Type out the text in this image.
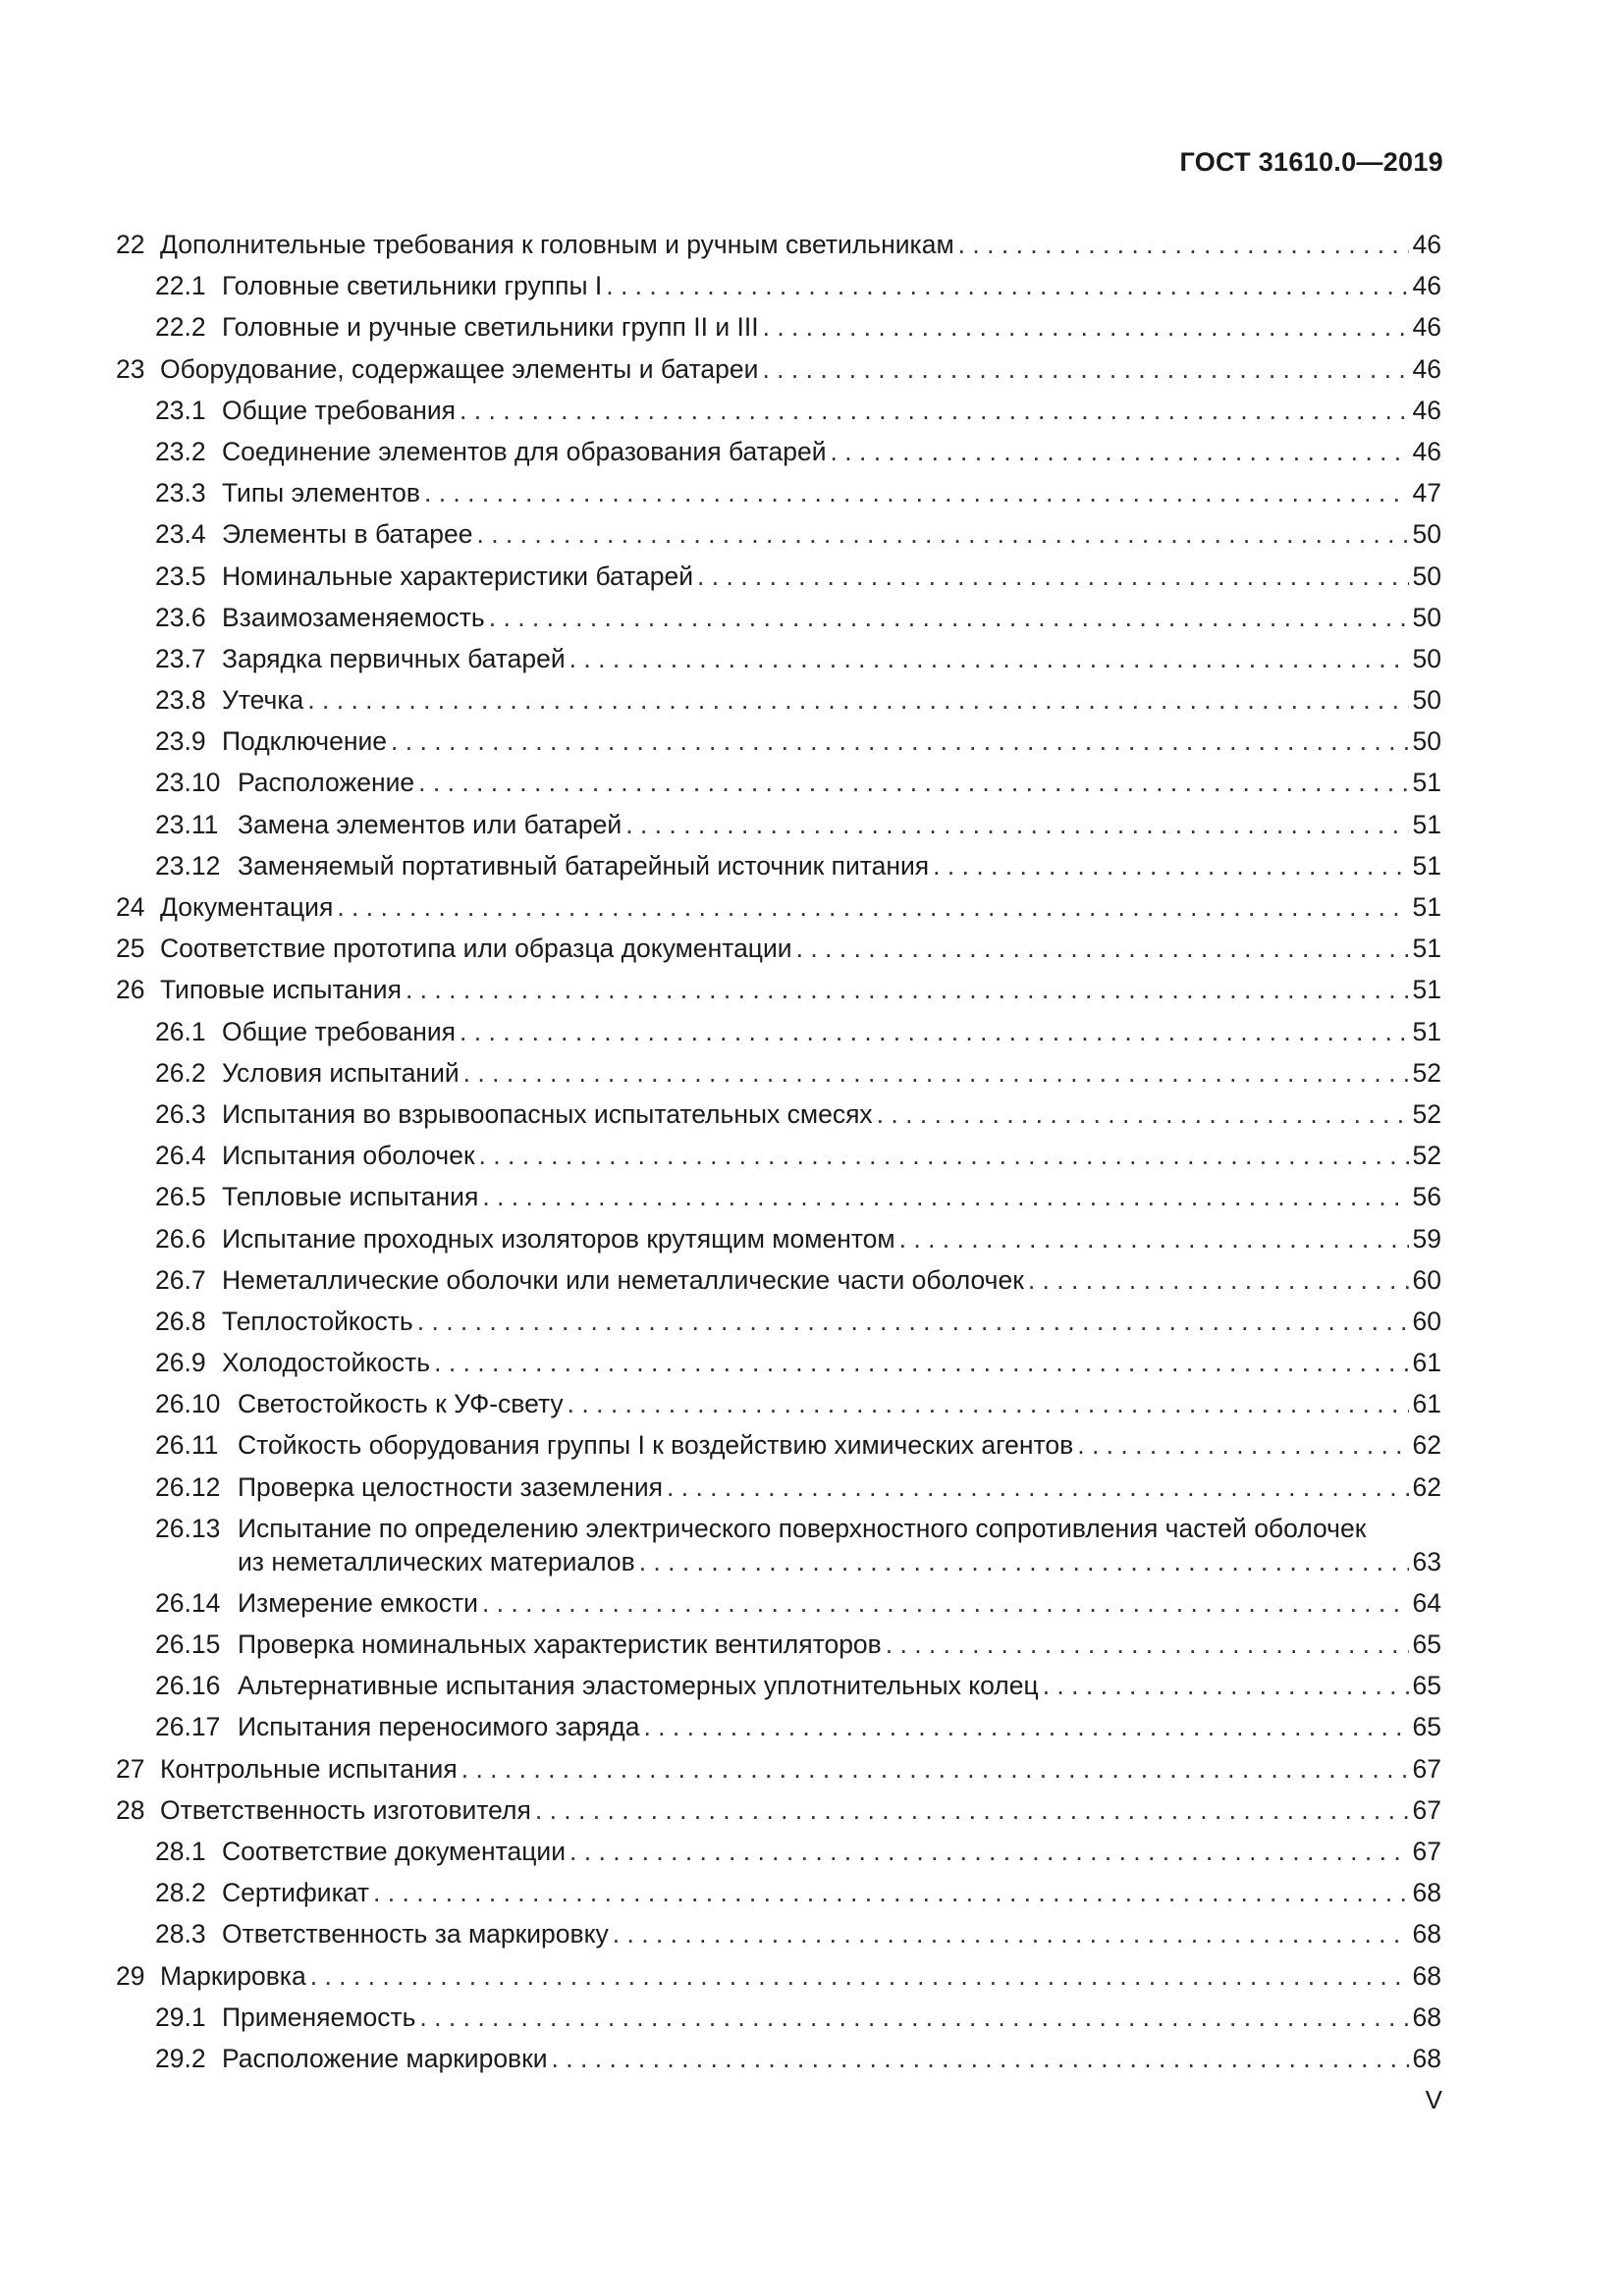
ГОСТ 31610.0—2019
22 Дополнительные требования к головным и ручным светильникам . . .	46
22.1 Головные светильники группы I . . .	46
22.2 Головные и ручные светильники групп II и III . . .	46
23 Оборудование, содержащее элементы и батареи . . .	46
23.1 Общие требования . . .	46
23.2 Соединение элементов для образования батарей . . .	46
23.3 Типы элементов . . .	47
23.4 Элементы в батарее . . .	50
23.5 Номинальные характеристики батарей . . .	50
23.6 Взаимозаменяемость . . .	50
23.7 Зарядка первичных батарей . . .	50
23.8 Утечка . . .	50
23.9 Подключение . . .	50
23.10 Расположение . . .	51
23.11 Замена элементов или батарей . . .	51
23.12 Заменяемый портативный батарейный источник питания . . .	51
24 Документация . . .	51
25 Соответствие прототипа или образца документации . . .	51
26 Типовые испытания . . .	51
26.1 Общие требования . . .	51
26.2 Условия испытаний . . .	52
26.3 Испытания во взрывоопасных испытательных смесях . . .	52
26.4 Испытания оболочек . . .	52
26.5 Тепловые испытания . . .	56
26.6 Испытание проходных изоляторов крутящим моментом . . .	59
26.7 Неметаллические оболочки или неметаллические части оболочек . . .	60
26.8 Теплостойкость . . .	60
26.9 Холодостойкость . . .	61
26.10 Светостойкость к УФ-свету . . .	61
26.11 Стойкость оборудования группы I к воздействию химических агентов . . .	62
26.12 Проверка целостности заземления . . .	62
26.13 Испытание по определению электрического поверхностного сопротивления частей оболочек
из неметаллических материалов . . .	63
26.14 Измерение емкости . . .	64
26.15 Проверка номинальных характеристик вентиляторов . . .	65
26.16 Альтернативные испытания эластомерных уплотнительных колец . . .	65
26.17 Испытания переносимого заряда . . .	65
27 Контрольные испытания . . .	67
28 Ответственность изготовителя . . .	67
28.1 Соответствие документации . . .	67
28.2 Сертификат . . .	68
28.3 Ответственность за маркировку . . .	68
29 Маркировка . . .	68
29.1 Применяемость . . .	68
29.2 Расположение маркировки . . .	68
V
